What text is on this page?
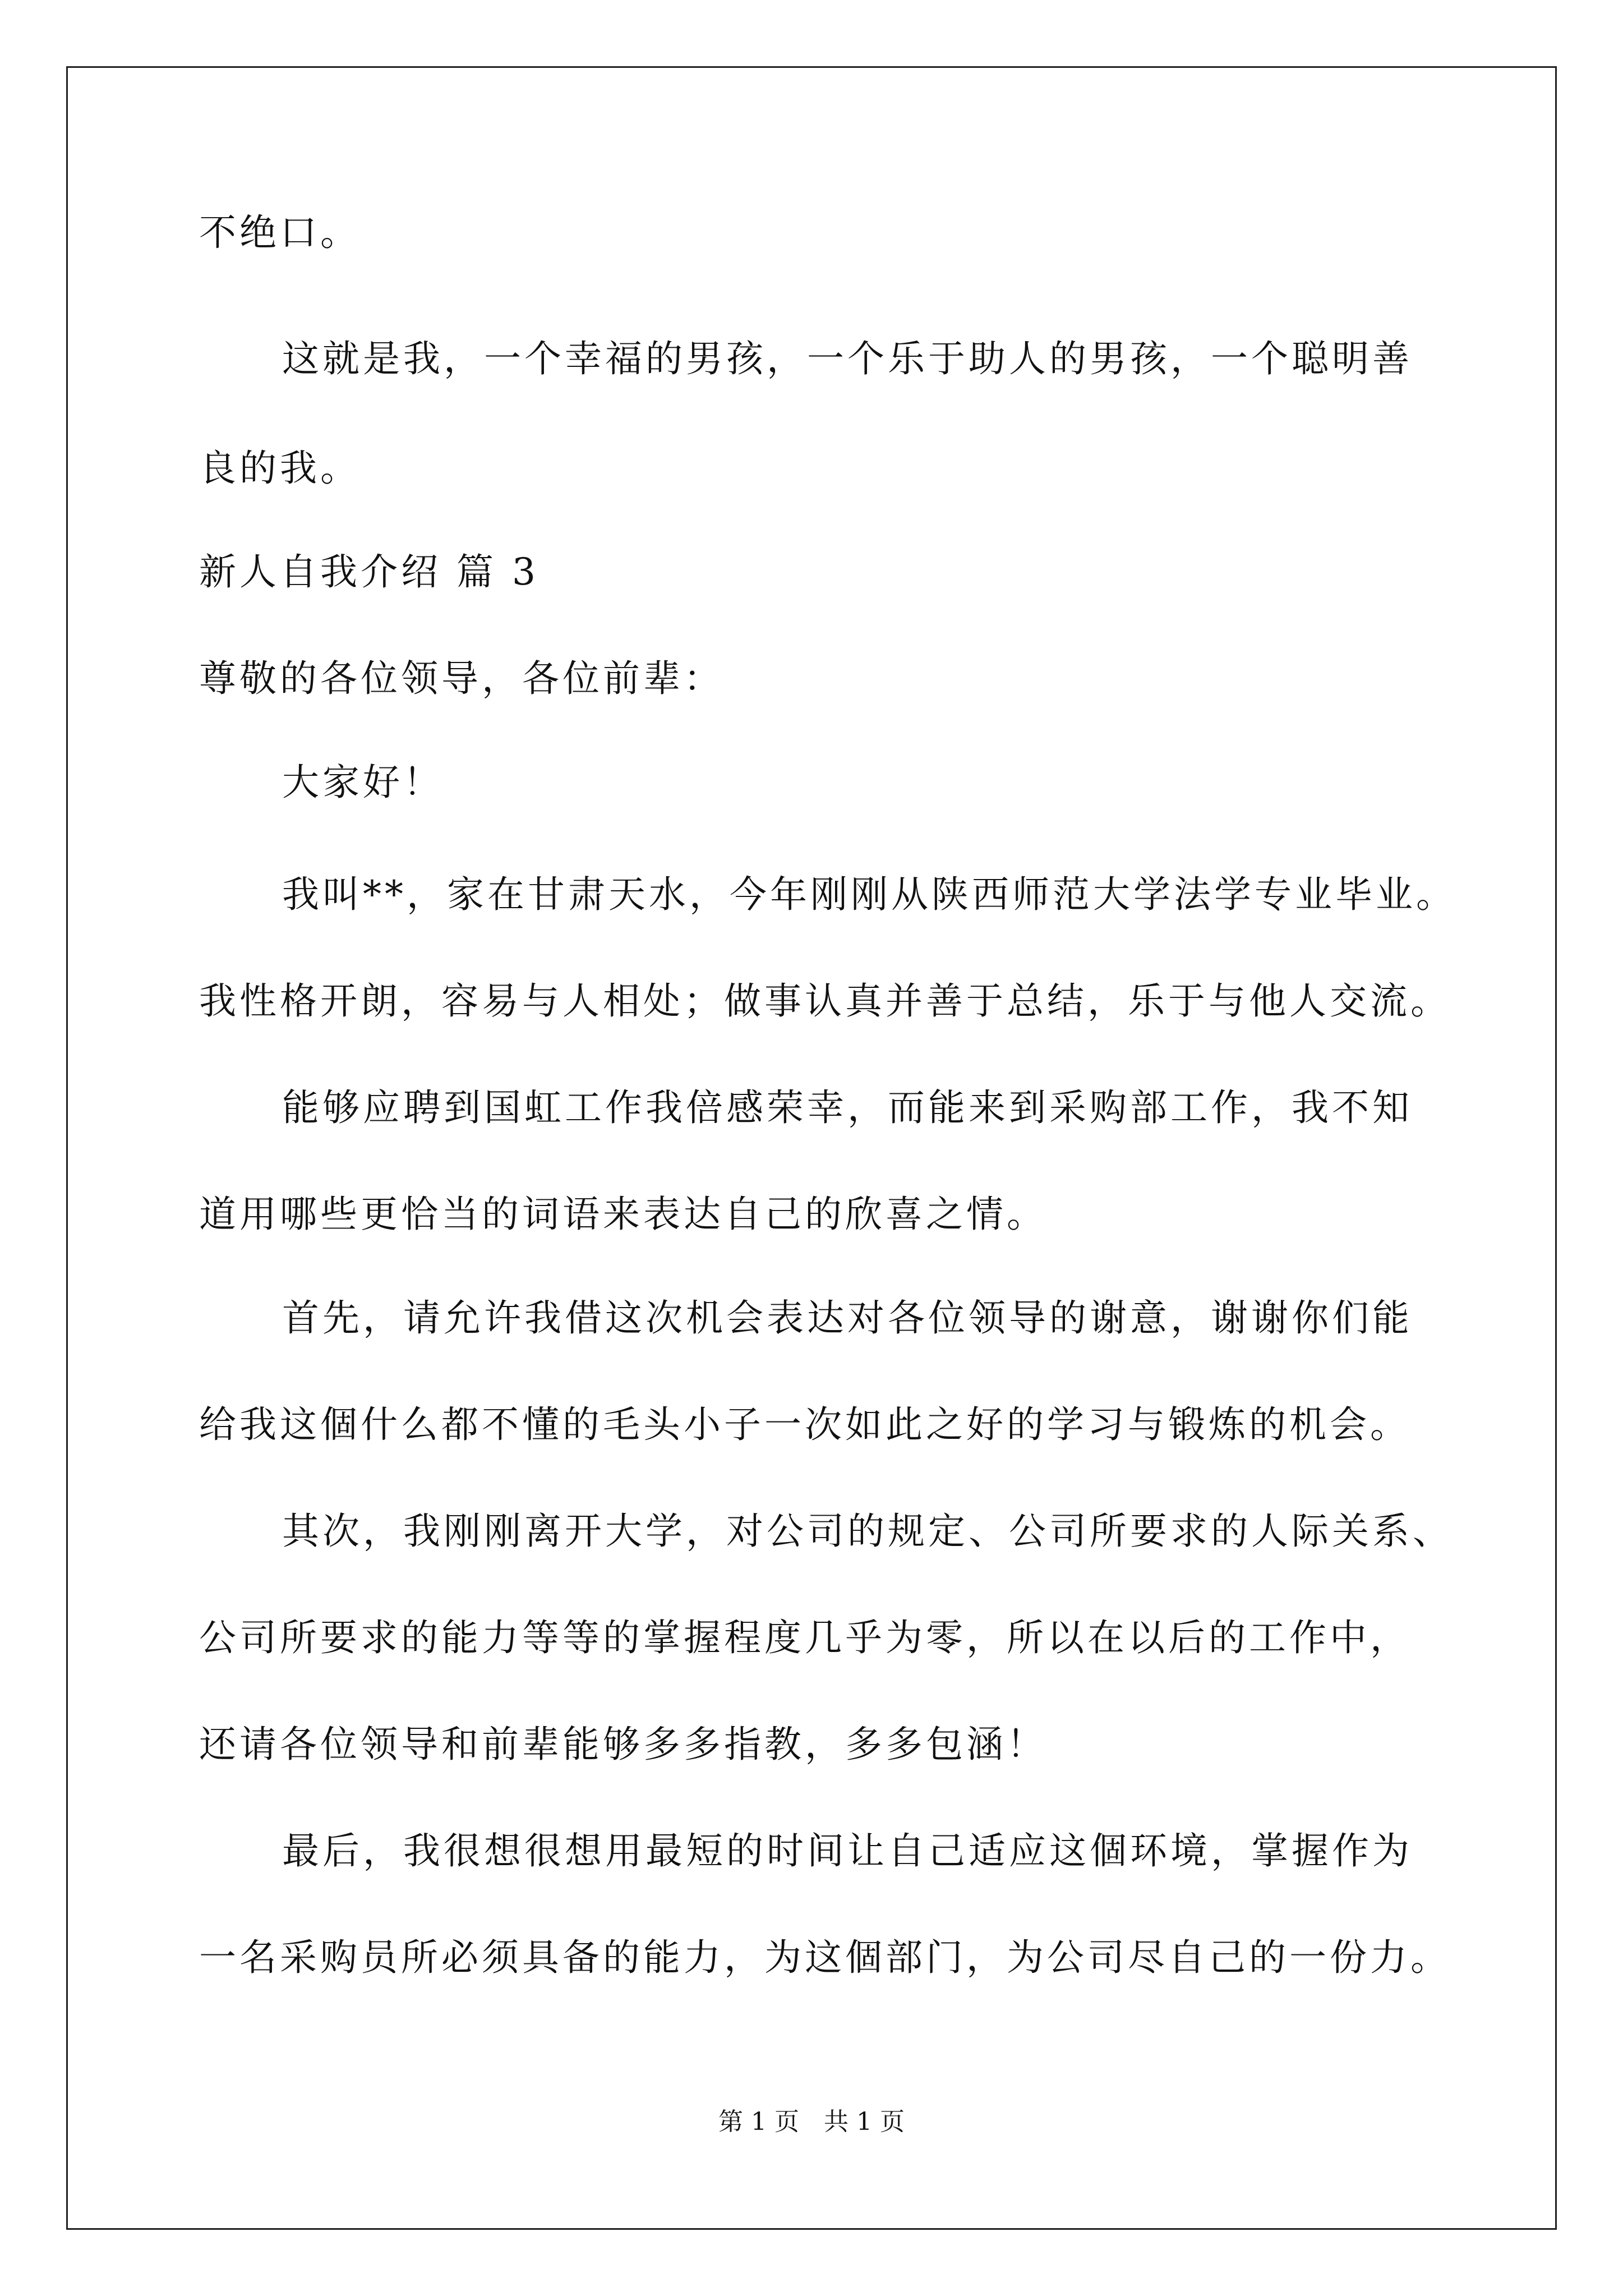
不绝口。
这就是我，一个幸福的男孩，一个乐于助人的男孩，一个聪明善
良的我。
新人自我介绍 篇 3
尊敬的各位领导，各位前辈：
大家好！
我叫**，家在甘肃天水，今年刚刚从陕西师范大学法学专业毕业。
我性格开朗，容易与人相处；做事认真并善于总结，乐于与他人交流。
能够应聘到国虹工作我倍感荣幸，而能来到采购部工作，我不知
道用哪些更恰当的词语来表达自己的欣喜之情。
首先，请允许我借这次机会表达对各位领导的谢意，谢谢你们能
给我这個什么都不懂的毛头小子一次如此之好的学习与锻炼的机会。
其次，我刚刚离开大学，对公司的规定、公司所要求的人际关系、
公司所要求的能力等等的掌握程度几乎为零，所以在以后的工作中，
还请各位领导和前辈能够多多指教，多多包涵！
最后，我很想很想用最短的时间让自己适应这個环境，掌握作为
一名采购员所必须具备的能力，为这個部门，为公司尽自己的一份力。
第 1 页　共 1 页
